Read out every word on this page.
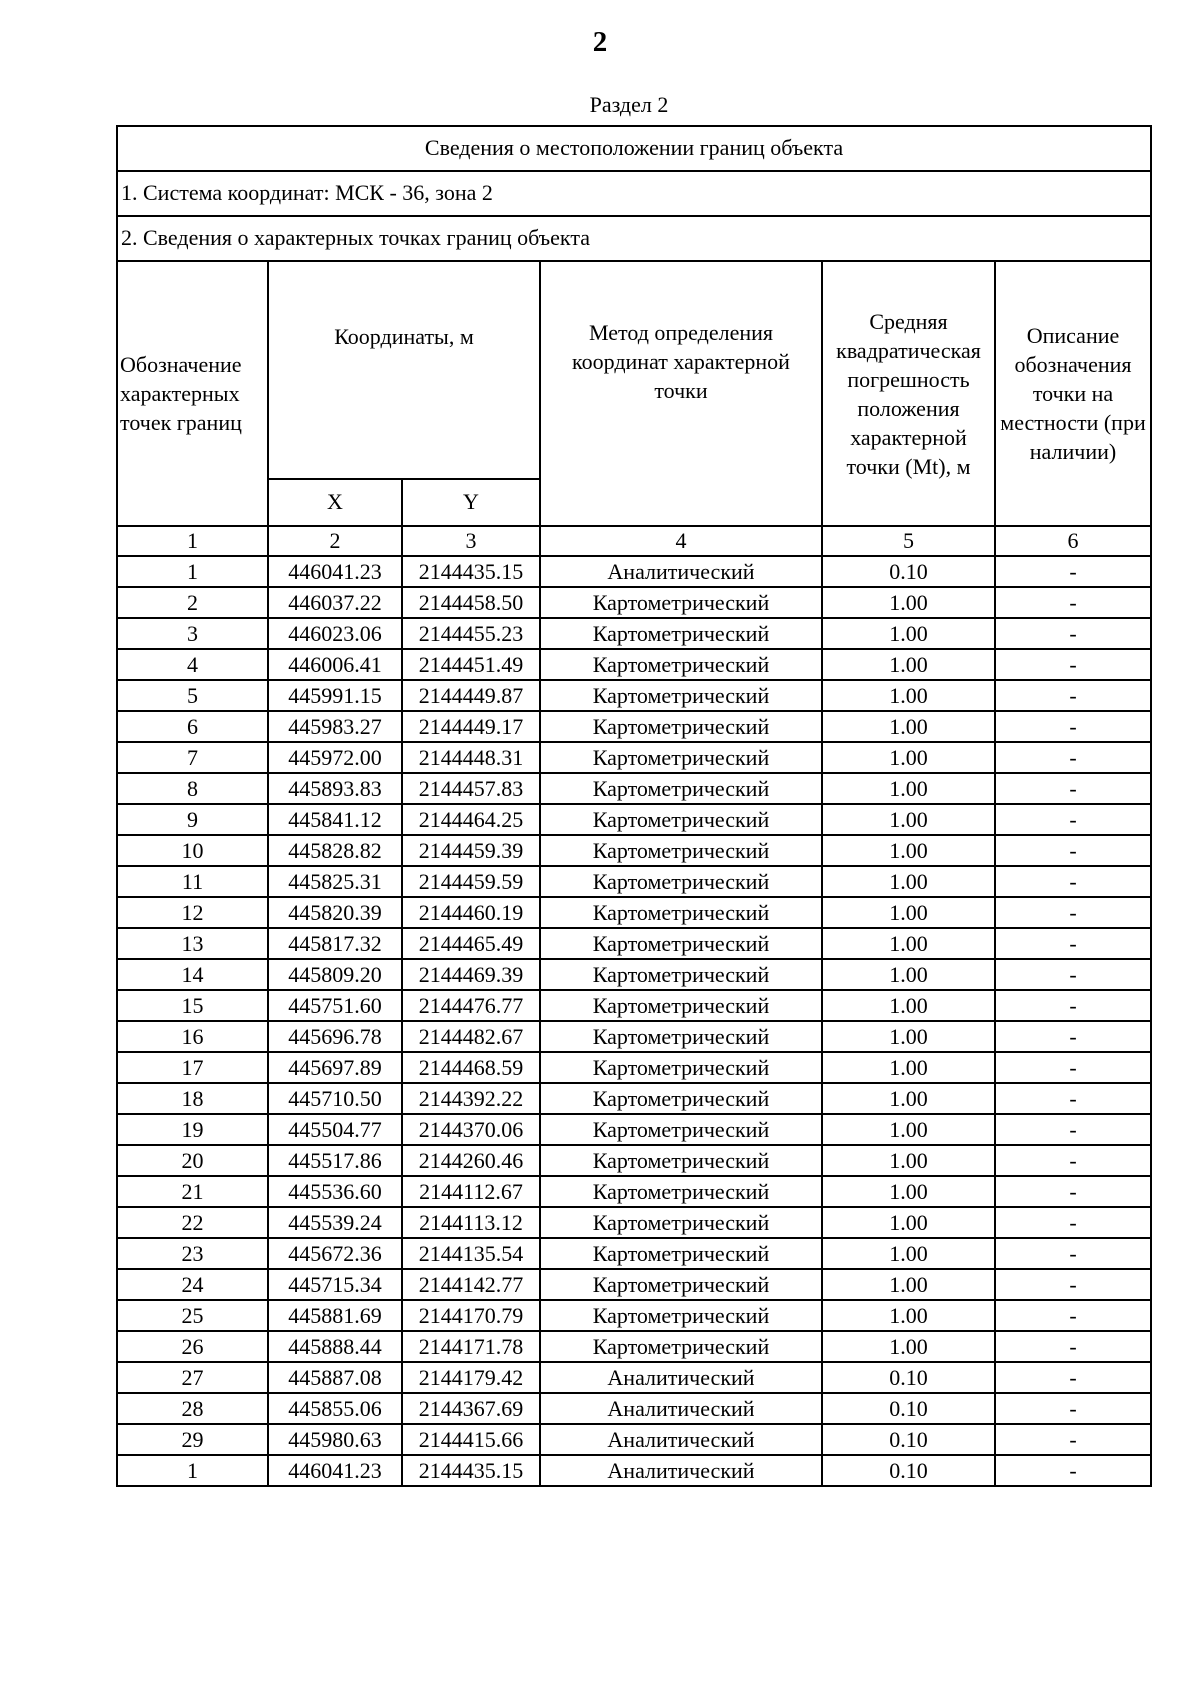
2
Раздел 2
Сведения о местоположении границ объекта					
1. Система координат: МСК - 36, зона 2					
2. Сведения о характерных точках границ объекта					
Обозначение характерных точек границ	Координаты, м		Метод определения координат характерной точки	Средняя квадратическая погрешность положения характерной точки (Mt), м	Описание обозначения точки на местности (при наличии)
	X	Y			
1	2	3	4	5	6
1	446041.23	2144435.15	Аналитический	0.10	-
2	446037.22	2144458.50	Картометрический	1.00	-
3	446023.06	2144455.23	Картометрический	1.00	-
4	446006.41	2144451.49	Картометрический	1.00	-
5	445991.15	2144449.87	Картометрический	1.00	-
6	445983.27	2144449.17	Картометрический	1.00	-
7	445972.00	2144448.31	Картометрический	1.00	-
8	445893.83	2144457.83	Картометрический	1.00	-
9	445841.12	2144464.25	Картометрический	1.00	-
10	445828.82	2144459.39	Картометрический	1.00	-
11	445825.31	2144459.59	Картометрический	1.00	-
12	445820.39	2144460.19	Картометрический	1.00	-
13	445817.32	2144465.49	Картометрический	1.00	-
14	445809.20	2144469.39	Картометрический	1.00	-
15	445751.60	2144476.77	Картометрический	1.00	-
16	445696.78	2144482.67	Картометрический	1.00	-
17	445697.89	2144468.59	Картометрический	1.00	-
18	445710.50	2144392.22	Картометрический	1.00	-
19	445504.77	2144370.06	Картометрический	1.00	-
20	445517.86	2144260.46	Картометрический	1.00	-
21	445536.60	2144112.67	Картометрический	1.00	-
22	445539.24	2144113.12	Картометрический	1.00	-
23	445672.36	2144135.54	Картометрический	1.00	-
24	445715.34	2144142.77	Картометрический	1.00	-
25	445881.69	2144170.79	Картометрический	1.00	-
26	445888.44	2144171.78	Картометрический	1.00	-
27	445887.08	2144179.42	Аналитический	0.10	-
28	445855.06	2144367.69	Аналитический	0.10	-
29	445980.63	2144415.66	Аналитический	0.10	-
1	446041.23	2144435.15	Аналитический	0.10	-
